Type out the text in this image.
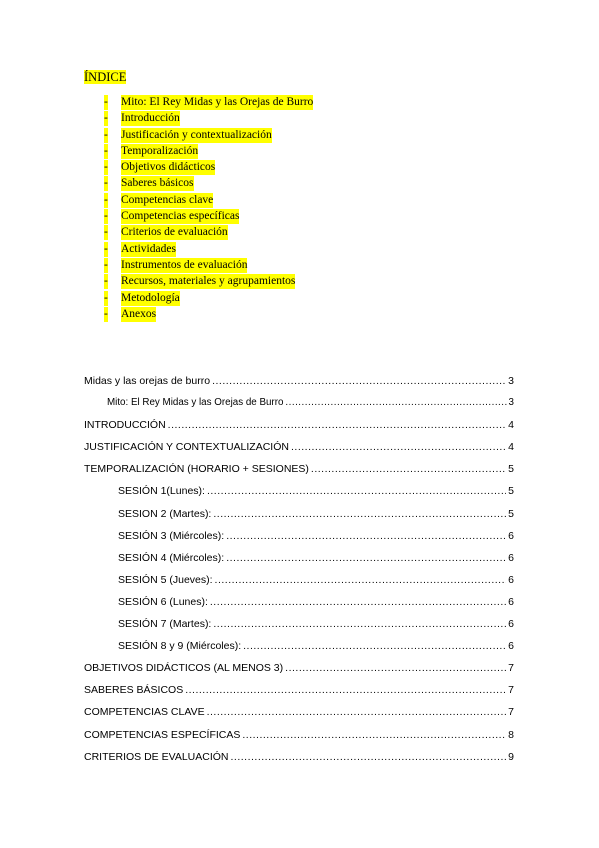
ÍNDICE
- Mito: El Rey Midas y las Orejas de Burro
- Introducción
- Justificación y contextualización
- Temporalización
- Objetivos didácticos
- Saberes básicos
- Competencias clave
- Competencias específicas
- Criterios de evaluación
- Actividades
- Instrumentos de evaluación
- Recursos, materiales y agrupamientos
- Metodología
- Anexos
Midas y las orejas de burro .....	3
Mito: El Rey Midas y las Orejas de Burro .....	3
INTRODUCCIÓN .....	4
JUSTIFICACIÓN Y CONTEXTUALIZACIÓN .....	4
TEMPORALIZACIÓN (HORARIO + SESIONES) .....	5
SESIÓN 1(Lunes): .....	5
SESION 2 (Martes): .....	5
SESIÓN 3 (Miércoles): .....	6
SESIÓN 4 (Miércoles): .....	6
SESIÓN 5 (Jueves): .....	6
SESIÓN 6 (Lunes): .....	6
SESIÓN 7 (Martes): .....	6
SESIÓN 8 y 9 (Miércoles): .....	6
OBJETIVOS DIDÁCTICOS (AL MENOS 3) .....	7
SABERES BÁSICOS .....	7
COMPETENCIAS CLAVE .....	7
COMPETENCIAS ESPECÍFICAS .....	8
CRITERIOS DE EVALUACIÓN .....	9
